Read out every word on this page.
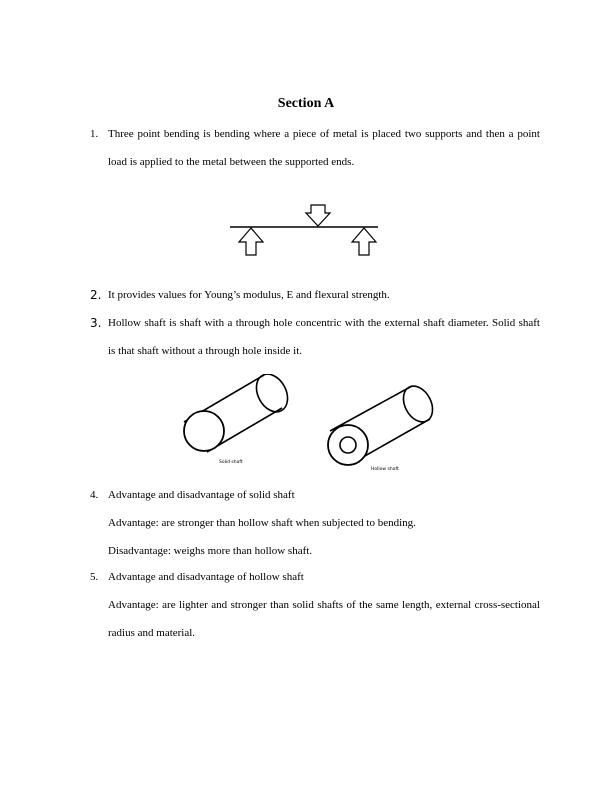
Section A
1. Three point bending is bending where a piece of metal is placed two supports and then a point load is applied to the metal between the supported ends.
2. It provides values for Young’s modulus, E and flexural strength.
3. Hollow shaft is shaft with a through hole concentric with the external shaft diameter. Solid shaft is that shaft without a through hole inside it.
Solid shaft
Hollow shaft
4. Advantage and disadvantage of solid shaft
Advantage: are stronger than hollow shaft when subjected to bending.
Disadvantage: weighs more than hollow shaft.
5. Advantage and disadvantage of hollow shaft
Advantage: are lighter and stronger than solid shafts of the same length, external cross-sectional radius and material.
